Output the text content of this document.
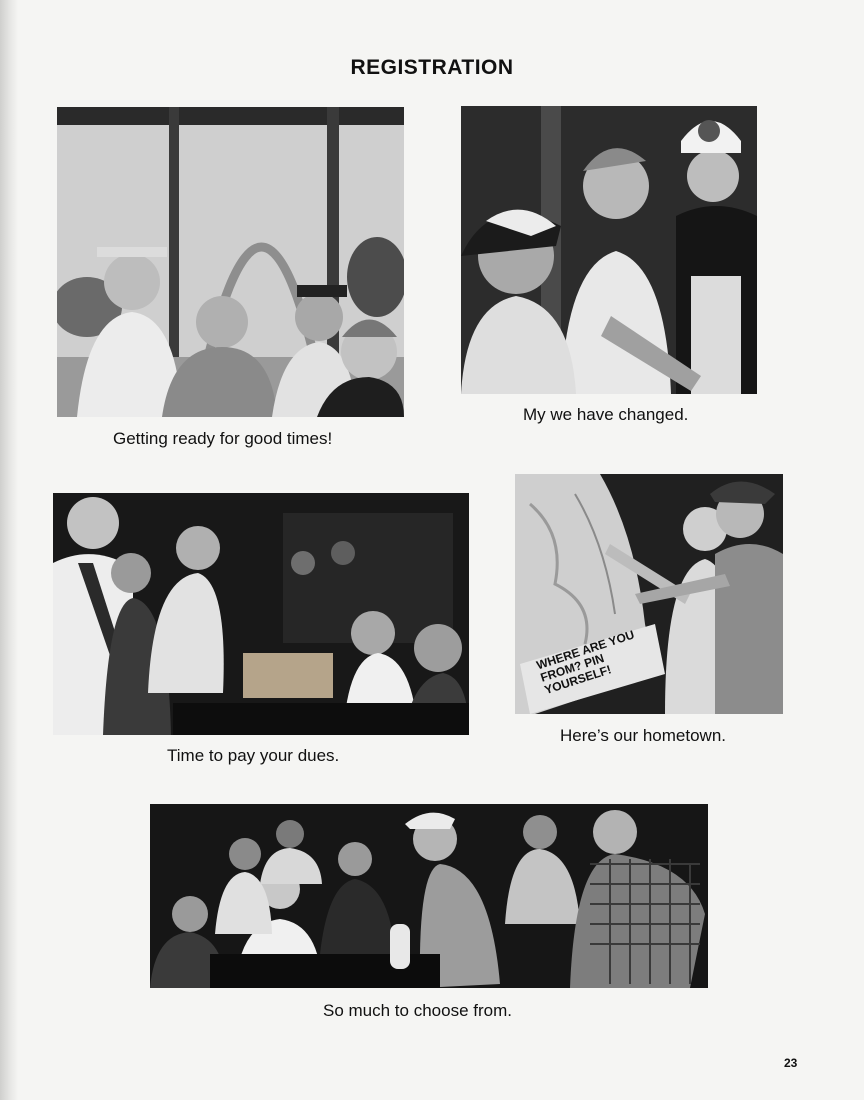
REGISTRATION
Getting ready for good times!
My we have changed.
Time to pay your dues.
WHERE ARE YOU FROM? PIN YOURSELF!
Here’s our hometown.
So much to choose from.
23
